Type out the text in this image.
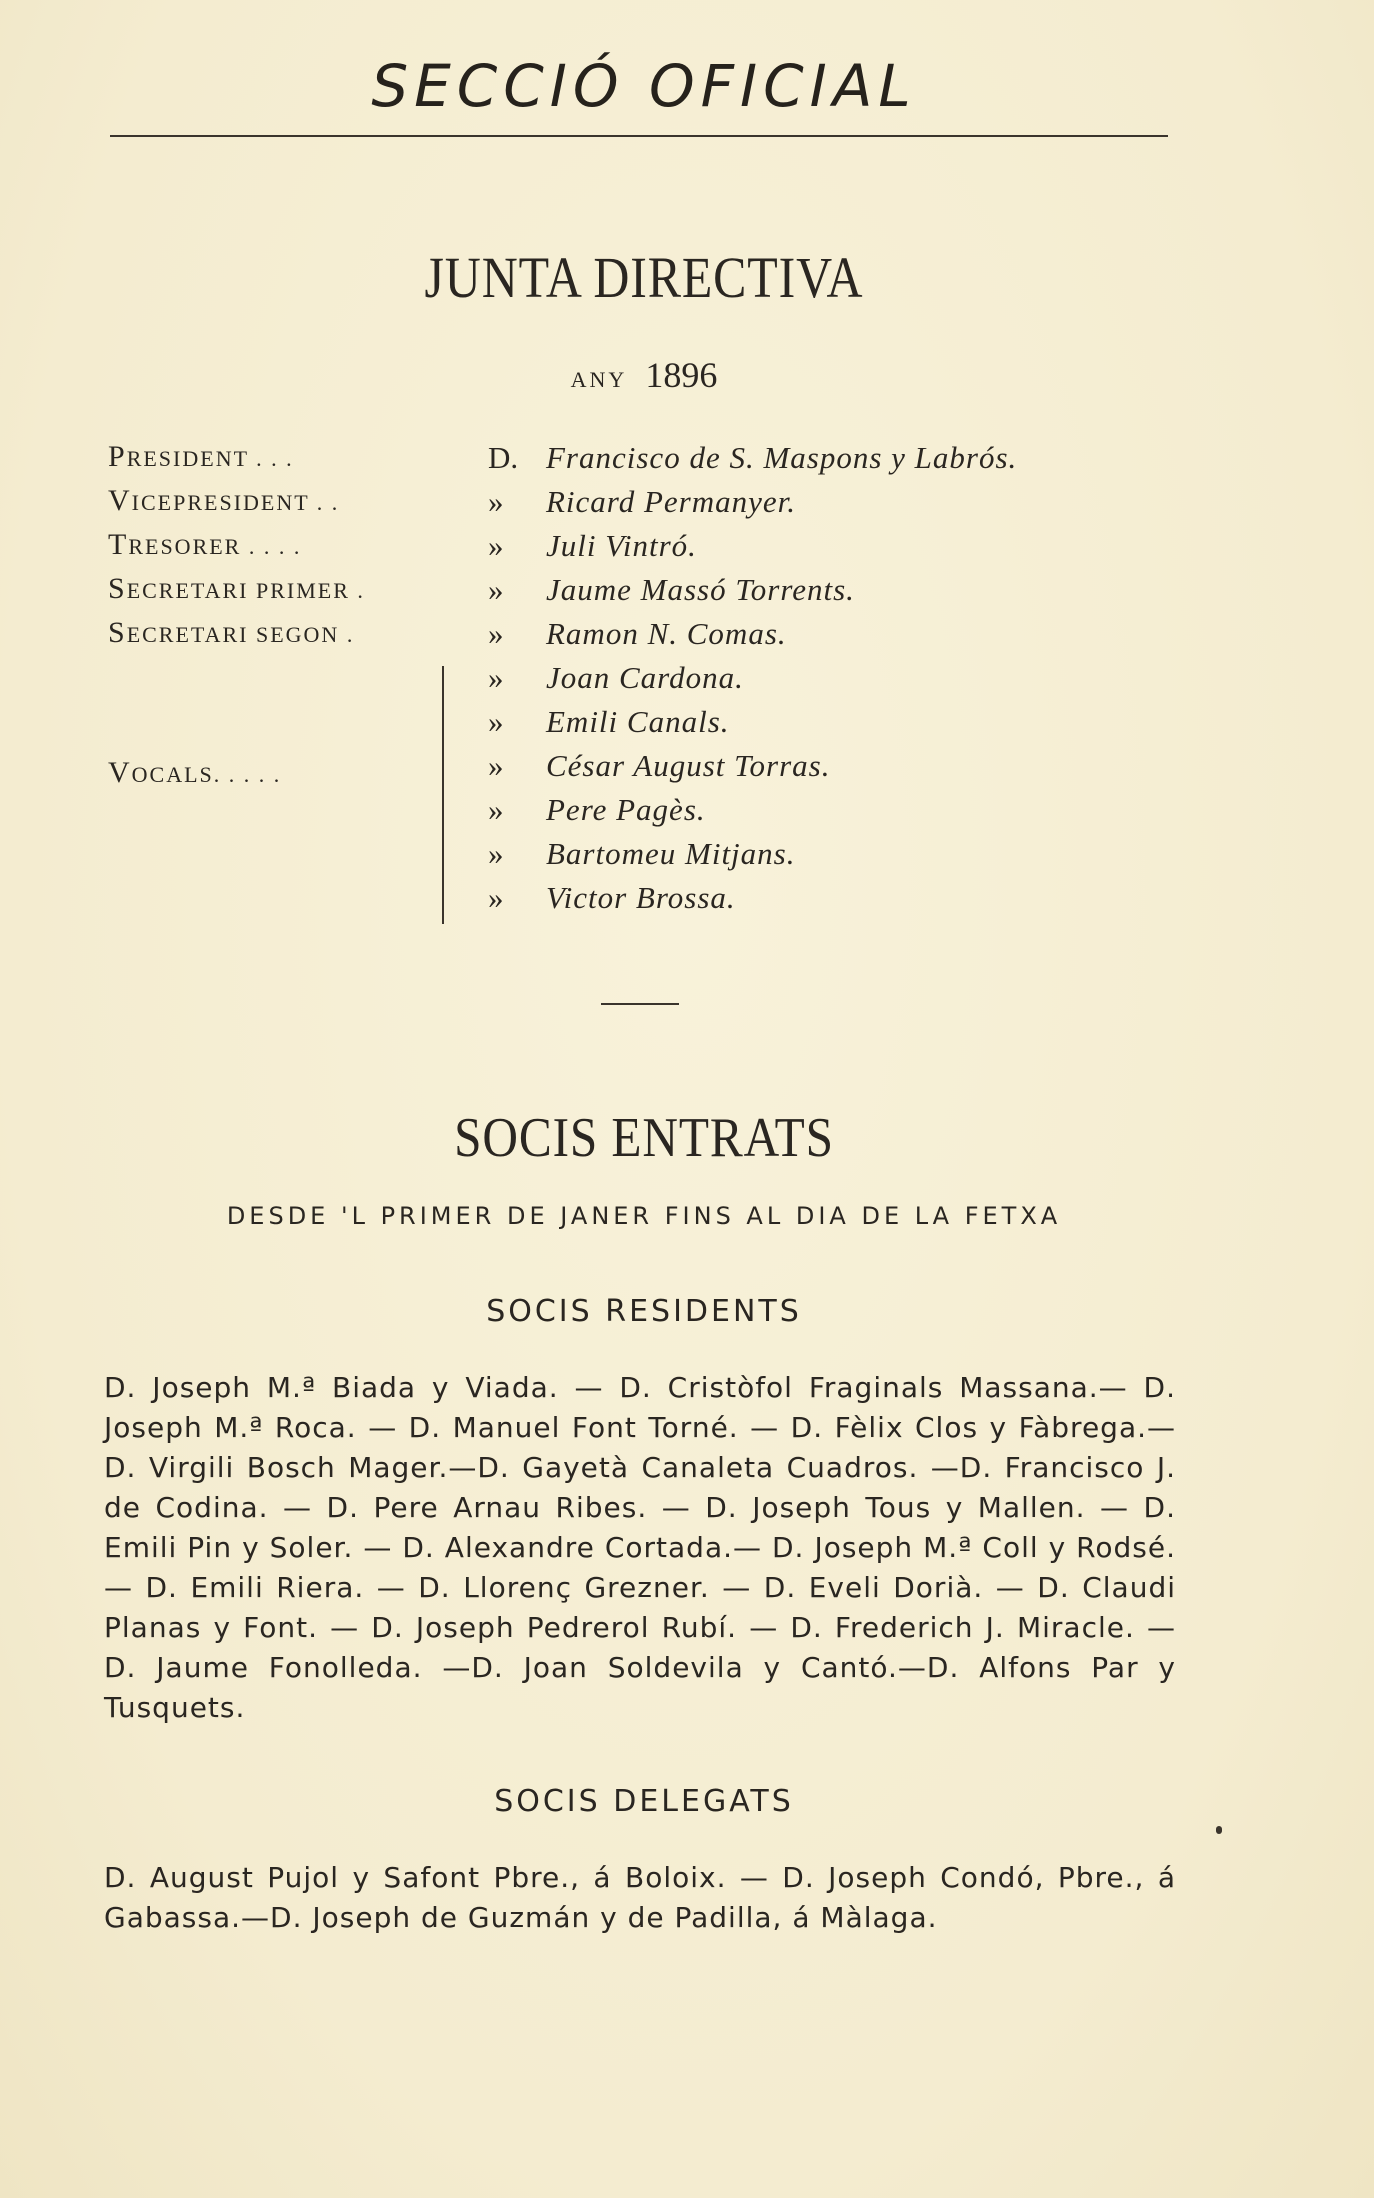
SECCIÓ OFICIAL
JUNTA DIRECTIVA
ANY 1896
PRESIDENT . . .
VICEPRESIDENT . .
TRESORER . . . .
SECRETARI PRIMER .
SECRETARI SEGON .
VOCALS. . . . .
D. Francisco de S. Maspons y Labrós.
» Ricard Permanyer.
» Juli Vintró.
» Jaume Massó Torrents.
» Ramon N. Comas.
» Joan Cardona.
» Emili Canals.
» César August Torras.
» Pere Pagès.
» Bartomeu Mitjans.
» Victor Brossa.
SOCIS ENTRATS
DESDE 'L PRIMER DE JANER FINS AL DIA DE LA FETXA
SOCIS RESIDENTS
D. Joseph M.ª Biada y Viada. — D. Cristòfol Fraginals Massana.— D. Joseph M.ª Roca. — D. Manuel Font Torné. — D. Fèlix Clos y Fàbrega.—D. Virgili Bosch Mager.—D. Gayetà Canaleta Cuadros. —D. Francisco J. de Codina. — D. Pere Arnau Ribes. — D. Joseph Tous y Mallen. — D. Emili Pin y Soler. — D. Alexandre Cortada.— D. Joseph M.ª Coll y Rodsé. — D. Emili Riera. — D. Llorenç Grezner. — D. Eveli Dorià. — D. Claudi Planas y Font. — D. Joseph Pedrerol Rubí. — D. Frederich J. Miracle. — D. Jaume Fonolleda. —D. Joan Soldevila y Cantó.—D. Alfons Par y Tusquets.
SOCIS DELEGATS
D. August Pujol y Safont Pbre., á Boloix. — D. Joseph Condó, Pbre., á Gabassa.—D. Joseph de Guzmán y de Padilla, á Màlaga.
